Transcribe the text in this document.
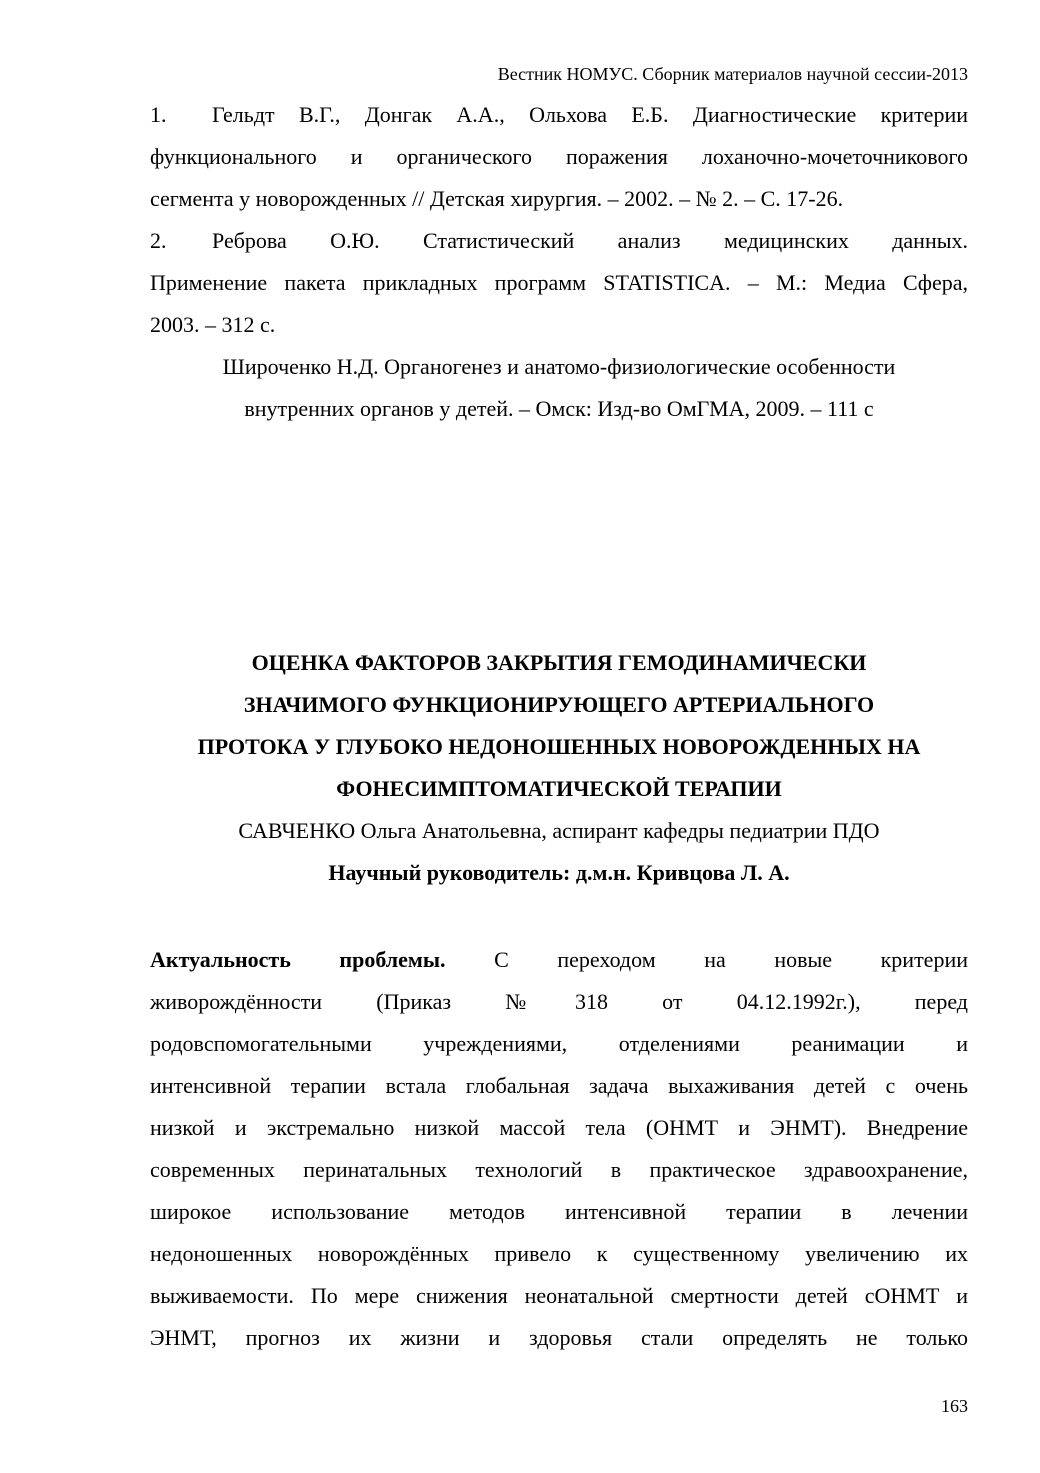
Вестник НОМУС. Сборник материалов научной сессии-2013
1. Гельдт В.Г., Донгак А.А., Ольхова Е.Б. Диагностические критерии
функционального и органического поражения лоханочно-мочеточникового
сегмента у новорожденных // Детская хирургия. – 2002. – № 2. – С. 17-26.
2.	Реброва О.Ю. Статистический анализ медицинских данных.
Применение пакета прикладных программ STATISTICA. – М.: Медиа Сфера,
2003. – 312 с.
Широченко Н.Д. Органогенез и анатомо-физиологические особенности
внутренних органов у детей. – Омск: Изд-во ОмГМА, 2009. – 111 с
ОЦЕНКА ФАКТОРОВ ЗАКРЫТИЯ ГЕМОДИНАМИЧЕСКИ
ЗНАЧИМОГО ФУНКЦИОНИРУЮЩЕГО АРТЕРИАЛЬНОГО
ПРОТОКА У ГЛУБОКО НЕДОНОШЕННЫХ НОВОРОЖДЕННЫХ НА
ФОНЕСИМПТОМАТИЧЕСКОЙ ТЕРАПИИ
САВЧЕНКО Ольга Анатольевна, аспирант кафедры педиатрии ПДО
Научный руководитель: д.м.н. Кривцова Л. А.
Актуальность проблемы. С переходом на новые критерии
живорождённости (Приказ №318 от 04.12.1992г.), перед
родовспомогательными учреждениями, отделениями реанимации и
интенсивной терапии встала глобальная задача выхаживания детей с очень
низкой и экстремально низкой массой тела (ОНМТ и ЭНМТ). Внедрение
современных перинатальных технологий в практическое здравоохранение,
широкое использование методов интенсивной терапии в лечении
недоношенных новорождённых привело к существенному увеличению их
выживаемости. По мере снижения неонатальной смертности детей сОНМТ и
ЭНМТ, прогноз их жизни и здоровья стали определять не только
163
